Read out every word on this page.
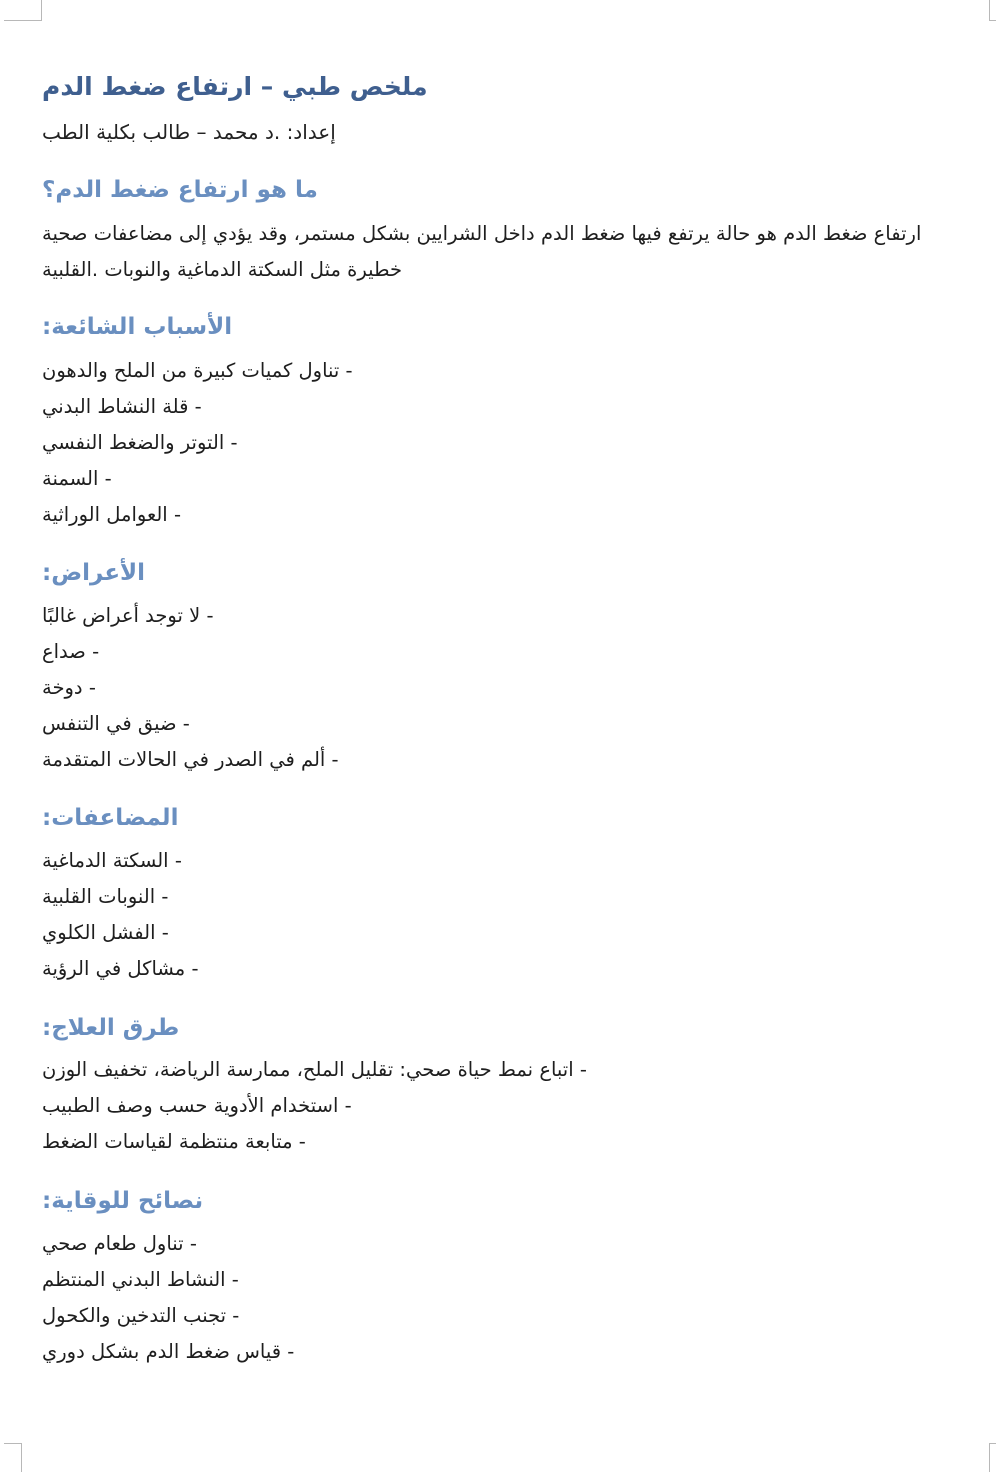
الدم ضغط ارتفاع – طبي ملخص
الطب بكلية طالب – محمد .د إعداد:
الدم؟ ضغط ارتفاع هو ما
صحية مضاعفات إلى يؤدي وقد مستمر، بشكل الشرايين داخل الدم ضغط فيها يرتفع حالة هو الدم ضغط ارتفاع
.القلبية والنوبات الدماغية السكتة مثل خطيرة
الشائعة: الأسباب
والدهون الملح من كبيرة كميات تناول -
البدني النشاط قلة -
النفسي والضغط التوتر -
السمنة -
الوراثية العوامل -
الأعراض:
غالبًا أعراض توجد لا -
صداع -
دوخة -
التنفس في ضيق -
المتقدمة الحالات في الصدر في ألم -
المضاعفات:
الدماغية السكتة -
القلبية النوبات -
الكلوي الفشل -
الرؤية في مشاكل -
العلاج: طرق
الوزن تخفيف الرياضة، ممارسة الملح، تقليل صحي: حياة نمط اتباع -
الطبيب وصف حسب الأدوية استخدام -
الضغط لقياسات منتظمة متابعة -
للوقاية: نصائح
صحي طعام تناول -
المنتظم البدني النشاط -
والكحول التدخين تجنب -
دوري بشكل الدم ضغط قياس -
